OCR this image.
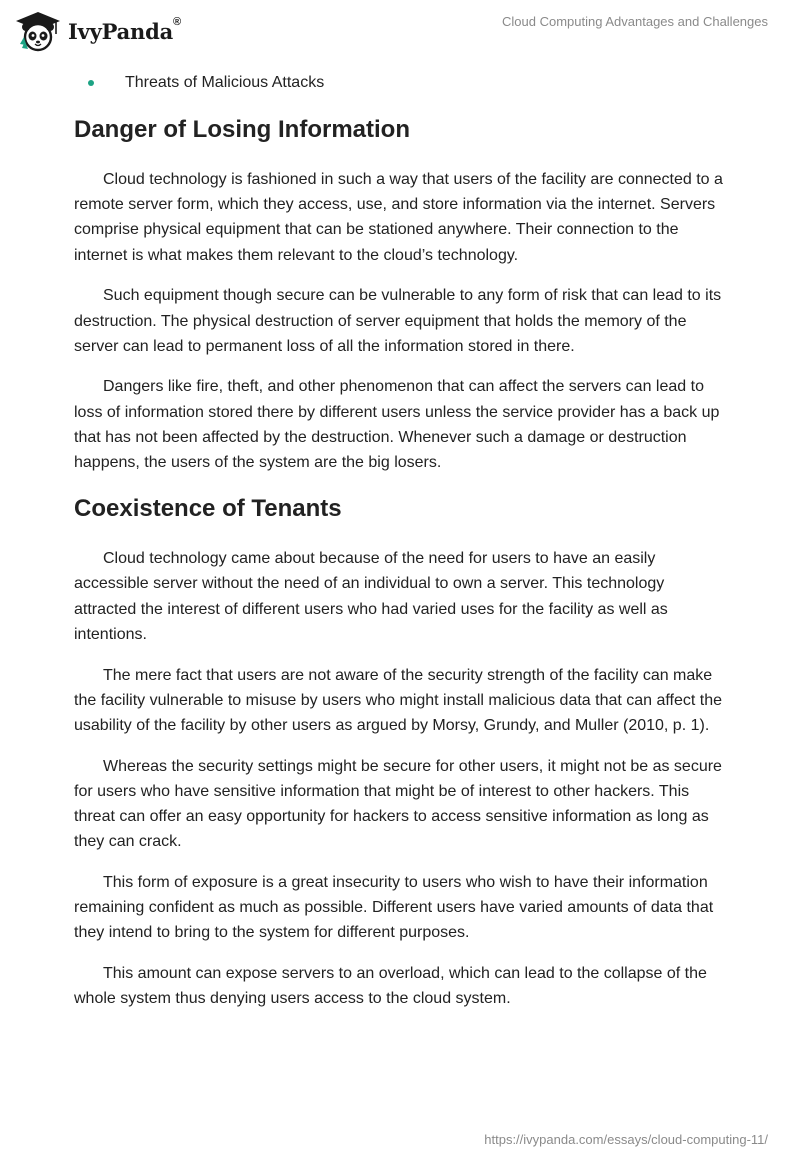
IvyPanda®	Cloud Computing Advantages and Challenges
Threats of Malicious Attacks
Danger of Losing Information

Cloud technology is fashioned in such a way that users of the facility are connected to a remote server form, which they access, use, and store information via the internet. Servers comprise physical equipment that can be stationed anywhere. Their connection to the internet is what makes them relevant to the cloud’s technology.

Such equipment though secure can be vulnerable to any form of risk that can lead to its destruction. The physical destruction of server equipment that holds the memory of the server can lead to permanent loss of all the information stored in there.

Dangers like fire, theft, and other phenomenon that can affect the servers can lead to loss of information stored there by different users unless the service provider has a back up that has not been affected by the destruction. Whenever such a damage or destruction happens, the users of the system are the big losers.

Coexistence of Tenants

Cloud technology came about because of the need for users to have an easily accessible server without the need of an individual to own a server. This technology attracted the interest of different users who had varied uses for the facility as well as intentions.

The mere fact that users are not aware of the security strength of the facility can make the facility vulnerable to misuse by users who might install malicious data that can affect the usability of the facility by other users as argued by Morsy, Grundy, and Muller (2010, p. 1).

Whereas the security settings might be secure for other users, it might not be as secure for users who have sensitive information that might be of interest to other hackers. This threat can offer an easy opportunity for hackers to access sensitive information as long as they can crack.

This form of exposure is a great insecurity to users who wish to have their information remaining confident as much as possible. Different users have varied amounts of data that they intend to bring to the system for different purposes.

This amount can expose servers to an overload, which can lead to the collapse of the whole system thus denying users access to the cloud system.

https://ivypanda.com/essays/cloud-computing-11/
